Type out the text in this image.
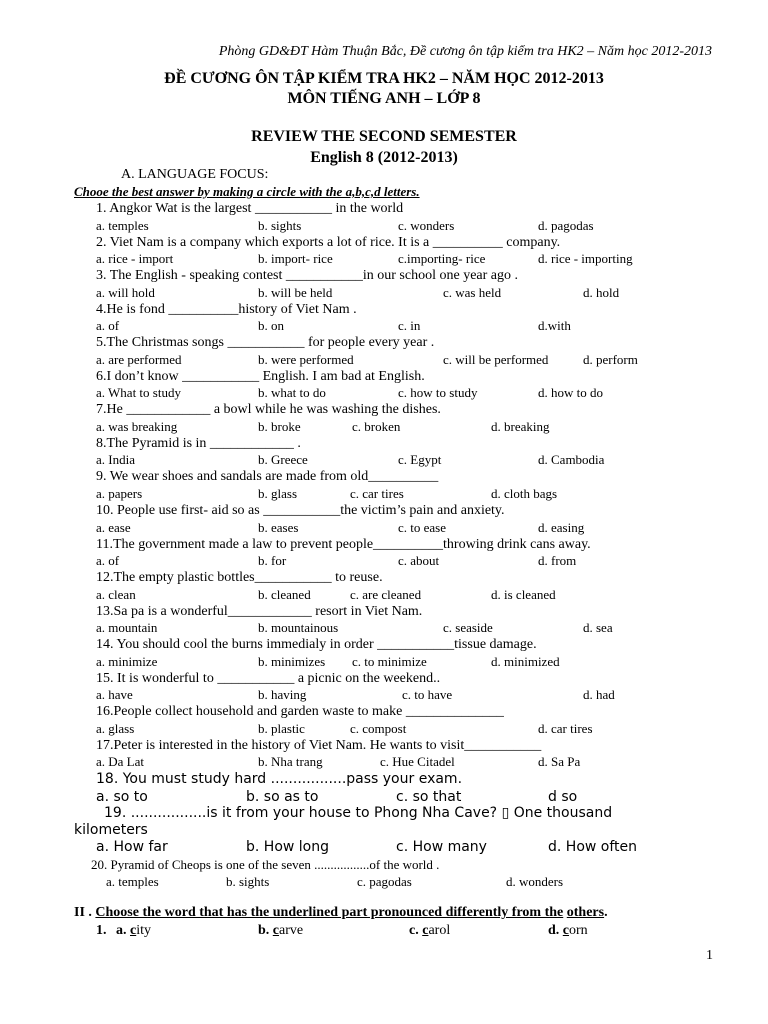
Phòng GD&ĐT Hàm Thuận Bắc, Đề cương ôn tập kiểm tra HK2 – Năm học 2012-2013
ĐỀ CƯƠNG ÔN TẬP KIỂM TRA HK2 – NĂM HỌC 2012-2013
MÔN TIẾNG ANH – LỚP 8
REVIEW THE SECOND SEMESTER
English 8 (2012-2013)
A. LANGUAGE FOCUS:
Chooe the best answer by making a circle with the a,b,c,d letters.
1. Angkor Wat is the largest ___________ in the world
a. temples	b. sights	c. wonders	d. pagodas
2. Viet Nam is a company which exports a lot of rice. It is a __________ company.
a. rice - import	b. import- rice	c.importing- rice	d. rice - importing
3. The English - speaking contest ___________in our school one year ago .
a. will hold	b. will be held	c. was held	d. hold
4.He is fond __________history of Viet Nam .
a. of	b. on	c. in	d.with
5.The Christmas songs ___________ for people every year .
a. are performed	b. were performed	c. will be performed	d. perform
6.I don’t know ___________ English. I am bad at English.
a. What to study	b. what to do	c. how to study	d. how to do
7.He ____________ a bowl while he was washing the dishes.
a. was breaking	b. broke	c. broken	d. breaking
8.The Pyramid is in ____________ .
a. India	b. Greece	c. Egypt	d. Cambodia
9. We wear shoes and sandals are made from old__________
a. papers	b. glass	c. car tires	d. cloth bags
10. People use first- aid so as ___________the victim’s pain and anxiety.
a. ease	b. eases	c. to ease	d. easing
11.The government made a law to prevent people__________throwing drink cans away.
a. of	b. for	c. about	d. from
12.The empty plastic bottles___________ to reuse.
a. clean	b. cleaned	c. are cleaned	d. is cleaned
13.Sa pa is a wonderful____________ resort in Viet Nam.
a. mountain	b. mountainous	c. seaside	d. sea
14. You should cool the burns immedialy in order ___________tissue damage.
a. minimize	b. minimizes c. to minimize	d. minimized
15. It is wonderful to ___________ a picnic on the weekend..
a. have	b. having	c. to have	d. had
16.People collect household and garden waste to make ______________
a. glass	b. plastic	c. compost	d. car tires
17.Peter is interested in the history of Viet Nam. He wants to visit___________
a. Da Lat	b. Nha trang	c. Hue Citadel	d. Sa Pa
18. You must study hard .................pass your exam.
a. so to	b. so as to	c. so that	d so
19. .................is it from your house to Phong Nha Cave? ▯ One thousand
kilometers
a. How far	b. How long	c. How many	d. How often
20. Pyramid of Cheops is one of the seven .................of the world .
a. temples	b. sights	c. pagodas	d. wonders
II . Choose the word that has the underlined part pronounced differently from the others.
1. a. city	b. carve	c. carol	d. corn
1
